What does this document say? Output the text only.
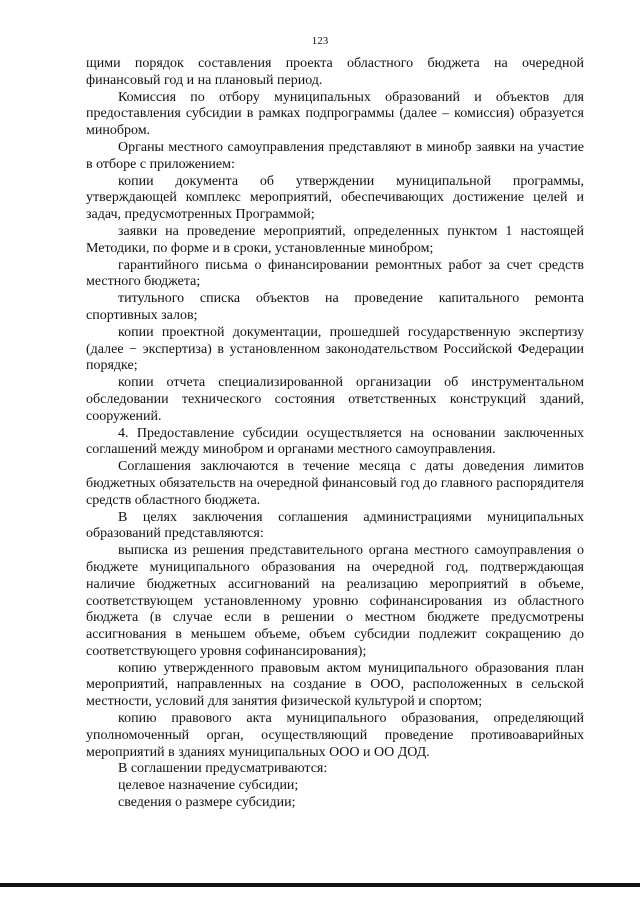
123

щими порядок составления проекта областного бюджета на очередной финансовый год и на плановый период.

Комиссия по отбору муниципальных образований и объектов для предоставления субсидии в рамках подпрограммы (далее – комиссия) образуется минобром.

Органы местного самоуправления представляют в минобр заявки на участие в отборе с приложением:

копии документа об утверждении муниципальной программы, утверждающей комплекс мероприятий, обеспечивающих достижение целей и задач, предусмотренных Программой;

заявки на проведение мероприятий, определенных пунктом 1 настоящей Методики, по форме и в сроки, установленные минобром;

гарантийного письма о финансировании ремонтных работ за счет средств местного бюджета;

титульного списка объектов на проведение капитального ремонта спортивных залов;

копии проектной документации, прошедшей государственную экспертизу (далее − экспертиза) в установленном законодательством Российской Федерации порядке;

копии отчета специализированной организации об инструментальном обследовании технического состояния ответственных конструкций зданий, сооружений.

4. Предоставление субсидии осуществляется на основании заключенных соглашений между минобром и органами местного самоуправления.

Соглашения заключаются в течение месяца с даты доведения лимитов бюджетных обязательств на очередной финансовый год до главного распорядителя средств областного бюджета.

В целях заключения соглашения администрациями муниципальных образований представляются:

выписка из решения представительного органа местного самоуправления о бюджете муниципального образования на очередной год, подтверждающая наличие бюджетных ассигнований на реализацию мероприятий в объеме, соответствующем установленному уровню софинансирования из областного бюджета (в случае если в решении о местном бюджете предусмотрены ассигнования в меньшем объеме, объем субсидии подлежит сокращению до соответствующего уровня софинансирования);

копию утвержденного правовым актом муниципального образования план мероприятий, направленных на создание в ООО, расположенных в сельской местности, условий для занятия физической культурой и спортом;

копию правового акта муниципального образования, определяющий уполномоченный орган, осуществляющий проведение противоаварийных мероприятий в зданиях муниципальных ООО и ОО ДОД.

В соглашении предусматриваются:

целевое назначение субсидии;

сведения о размере субсидии;
